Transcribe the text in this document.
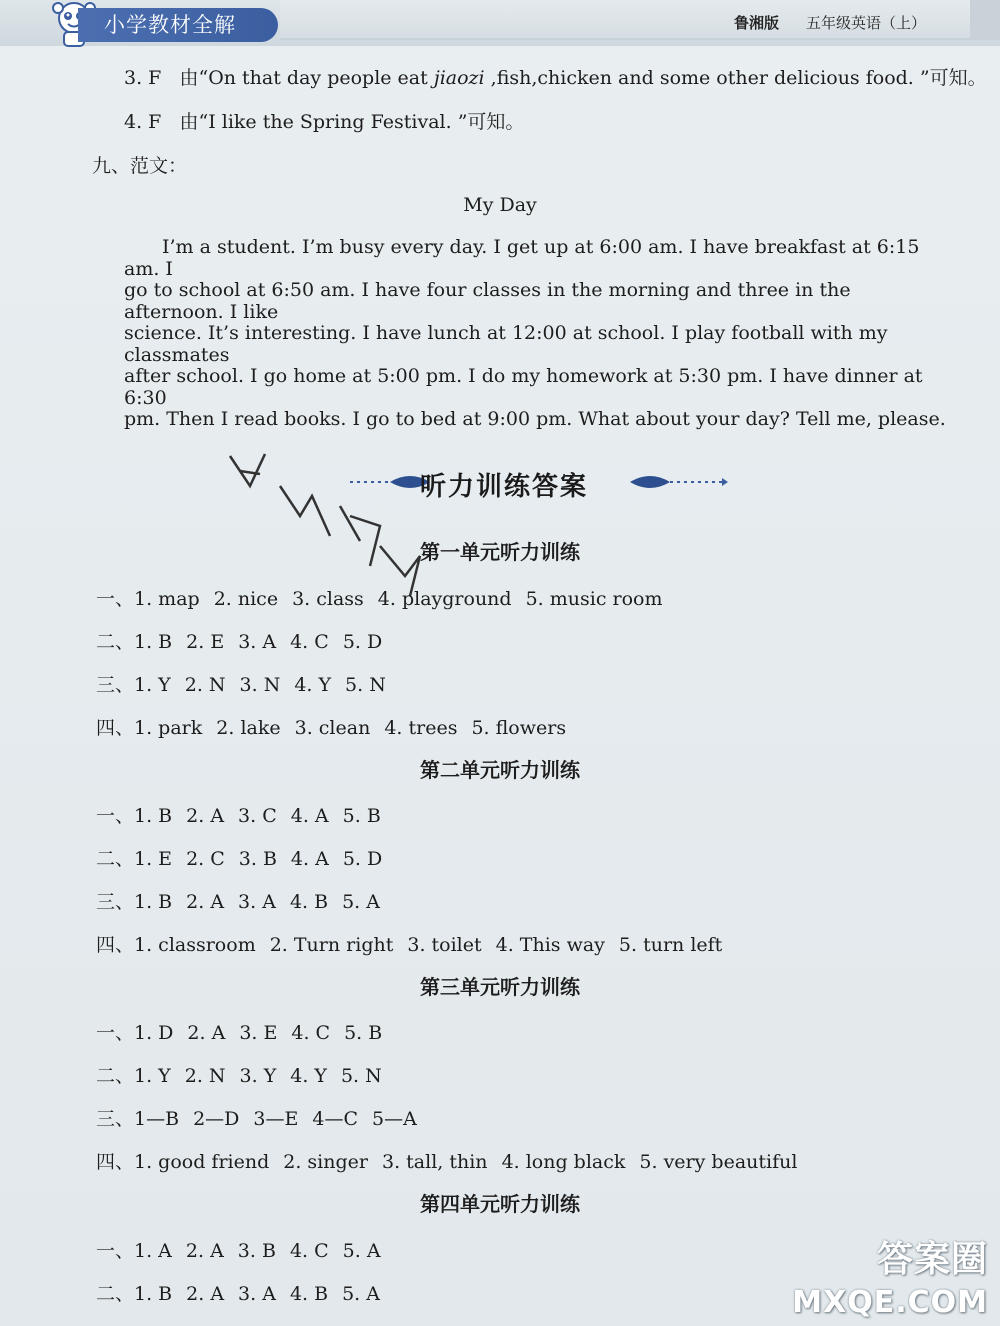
小学教材全解	鲁湘版 五年级英语（上）
3. F 由“On that day people eat jiaozi ,fish,chicken and some other delicious food. ”可知。
4. F 由“I like the Spring Festival. ”可知。
九、范文：
My Day
I’m a student. I’m busy every day. I get up at 6:00 am. I have breakfast at 6:15 am. I
go to school at 6:50 am. I have four classes in the morning and three in the afternoon. I like
science. It’s interesting. I have lunch at 12:00 at school. I play football with my classmates
after school. I go home at 5:00 pm. I do my homework at 5:30 pm. I have dinner at 6:30
pm. Then I read books. I go to bed at 9:00 pm. What about your day? Tell me, please.
听力训练答案
第一单元听力训练
一、1. map 2. nice 3. class 4. playground 5. music room
二、1. B 2. E 3. A 4. C 5. D
三、1. Y 2. N 3. N 4. Y 5. N
四、1. park 2. lake 3. clean 4. trees 5. flowers
第二单元听力训练
一、1. B 2. A 3. C 4. A 5. B
二、1. E 2. C 3. B 4. A 5. D
三、1. B 2. A 3. A 4. B 5. A
四、1. classroom 2. Turn right 3. toilet 4. This way 5. turn left
第三单元听力训练
一、1. D 2. A 3. E 4. C 5. B
二、1. Y 2. N 3. Y 4. Y 5. N
三、1—B 2—D 3—E 4—C 5—A
四、1. good friend 2. singer 3. tall, thin 4. long black 5. very beautiful
第四单元听力训练
一、1. A 2. A 3. B 4. C 5. A
二、1. B 2. A 3. A 4. B 5. A
答案圈
MXQE.COM
